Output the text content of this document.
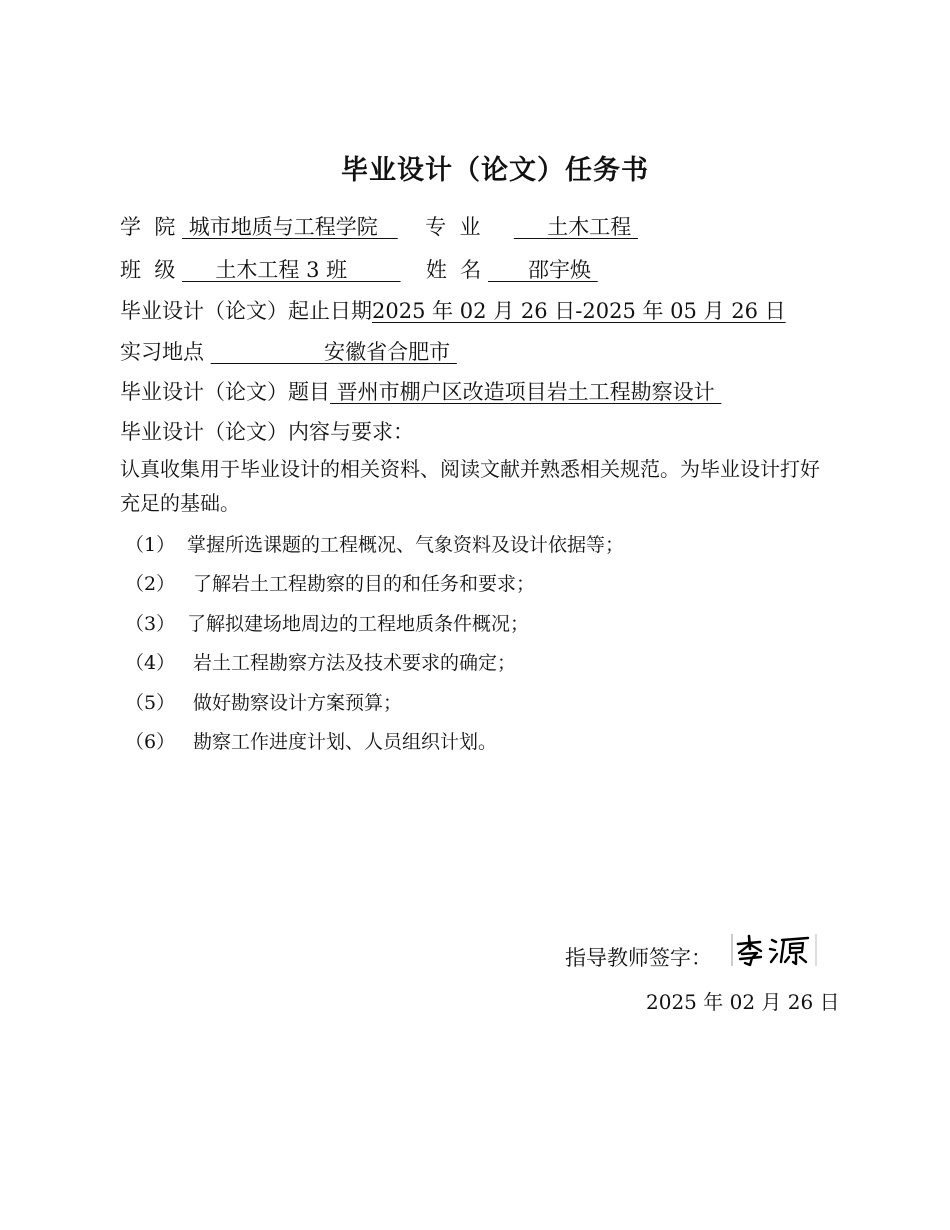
毕业设计（论文）任务书
学  院  城市地质与工程学院     专  业       土木工程
班  级      土木工程 3 班          姓  名       邵宇焕
毕业设计（论文）起止日期2025 年 02 月 26 日-2025 年 05 月 26 日
实习地点                  安徽省合肥市
毕业设计（论文）题目 晋州市棚户区改造项目岩土工程勘察设计
毕业设计（论文）内容与要求：
认真收集用于毕业设计的相关资料、阅读文献并熟悉相关规范。为毕业设计打好充足的基础。
（1） 掌握所选课题的工程概况、气象资料及设计依据等；
（2） 了解岩土工程勘察的目的和任务和要求；
（3） 了解拟建场地周边的工程地质条件概况；
（4） 岩土工程勘察方法及技术要求的确定；
（5） 做好勘察设计方案预算；
（6） 勘察工作进度计划、人员组织计划。
指导教师签字：
2025 年 02 月 26 日
